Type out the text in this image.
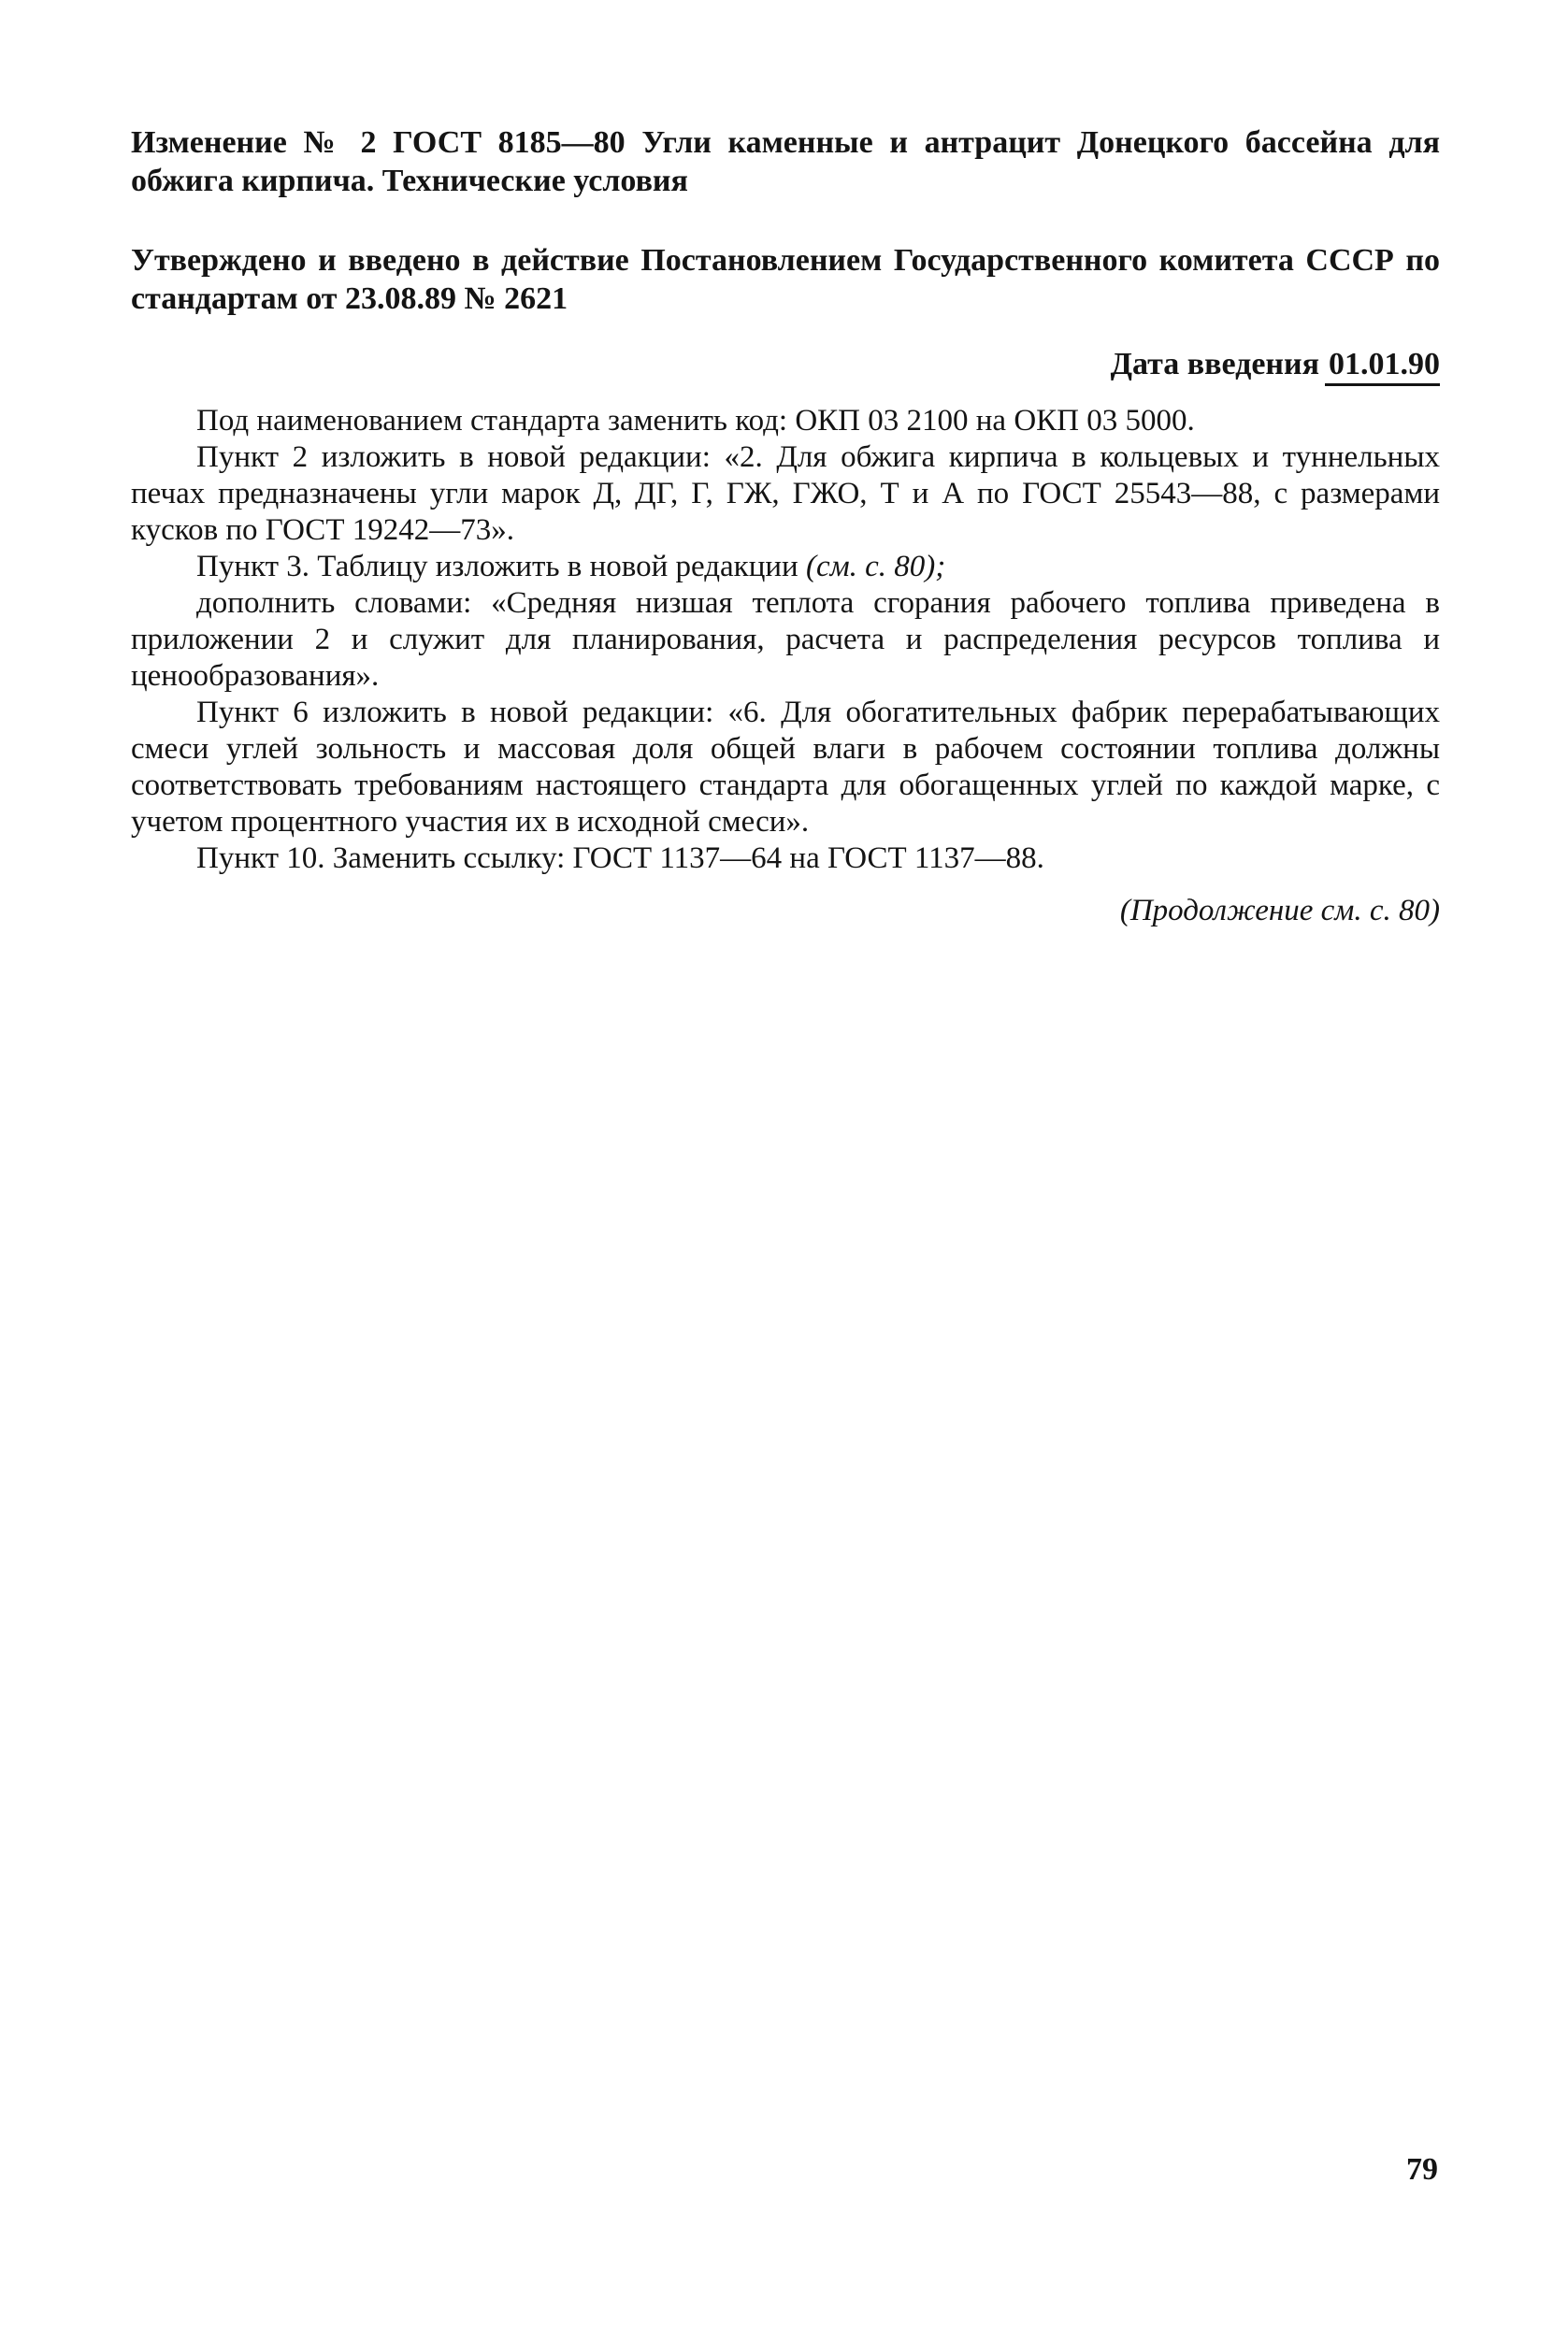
Изменение № 2 ГОСТ 8185—80 Угли каменные и антрацит Донецкого бассейна для обжига кирпича. Технические условия

Утверждено и введено в действие Постановлением Государственного комитета СССР по стандартам от 23.08.89 № 2621

Дата введения 01.01.90

Под наименованием стандарта заменить код: ОКП 03 2100 на ОКП 03 5000.

Пункт 2 изложить в новой редакции: «2. Для обжига кирпича в кольцевых и туннельных печах предназначены угли марок Д, ДГ, Г, ГЖ, ГЖО, Т и А по ГОСТ 25543—88, с размерами кусков по ГОСТ 19242—73».

Пункт 3. Таблицу изложить в новой редакции (см. с. 80);

дополнить словами: «Средняя низшая теплота сгорания рабочего топлива приведена в приложении 2 и служит для планирования, расчета и распределения ресурсов топлива и ценообразования».

Пункт 6 изложить в новой редакции: «6. Для обогатительных фабрик перерабатывающих смеси углей зольность и массовая доля общей влаги в рабочем состоянии топлива должны соответствовать требованиям настоящего стандарта для обогащенных углей по каждой марке, с учетом процентного участия их в исходной смеси».

Пункт 10. Заменить ссылку: ГОСТ 1137—64 на ГОСТ 1137—88.

(Продолжение см. с. 80)
79
